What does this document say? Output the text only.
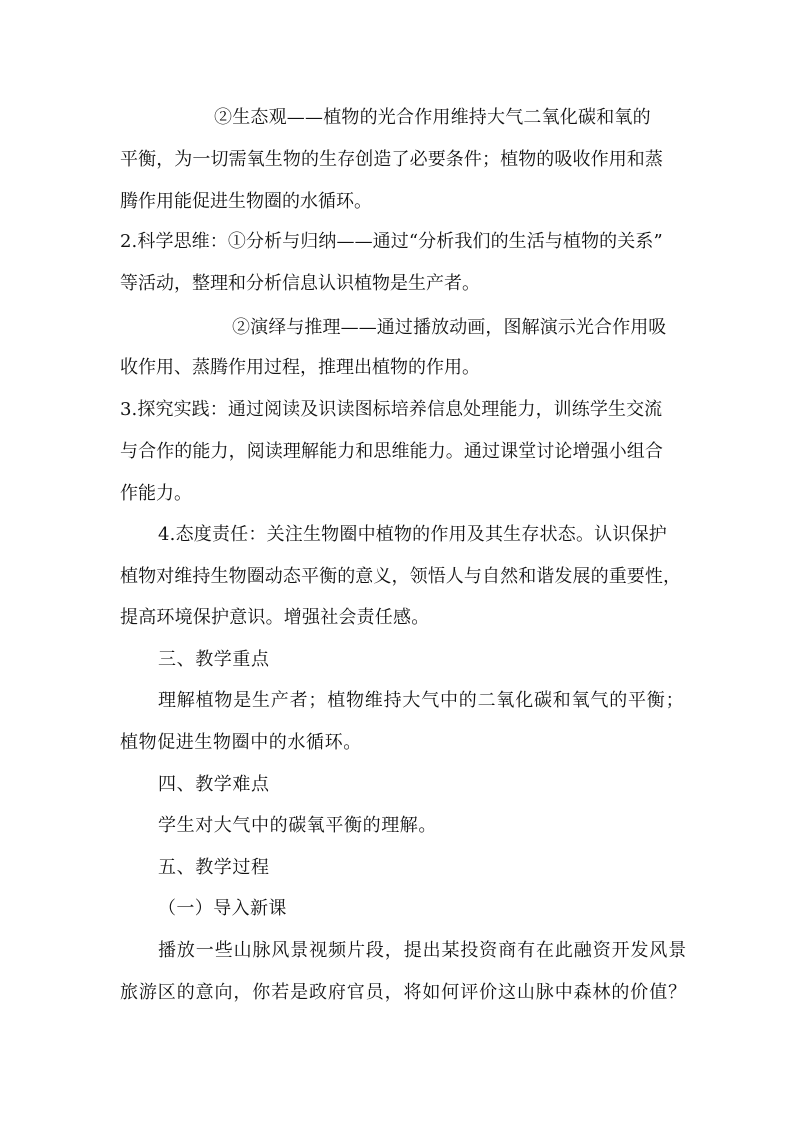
②生态观——植物的光合作用维持大气二氧化碳和氧的
平衡，为一切需氧生物的生存创造了必要条件；植物的吸收作用和蒸
腾作用能促进生物圈的水循环。
2.科学思维：①分析与归纳——通过“分析我们的生活与植物的关系”
等活动，整理和分析信息认识植物是生产者。
②演绎与推理——通过播放动画，图解演示光合作用吸
收作用、蒸腾作用过程，推理出植物的作用。
3.探究实践：通过阅读及识读图标培养信息处理能力，训练学生交流
与合作的能力，阅读理解能力和思维能力。通过课堂讨论增强小组合
作能力。
4.态度责任：关注生物圈中植物的作用及其生存状态。认识保护
植物对维持生物圈动态平衡的意义，领悟人与自然和谐发展的重要性，
提高环境保护意识。增强社会责任感。
三、教学重点
理解植物是生产者；植物维持大气中的二氧化碳和氧气的平衡；
植物促进生物圈中的水循环。
四、教学难点
学生对大气中的碳氧平衡的理解。
五、教学过程
（一）导入新课
播放一些山脉风景视频片段，提出某投资商有在此融资开发风景
旅游区的意向，你若是政府官员，将如何评价这山脉中森林的价值？
